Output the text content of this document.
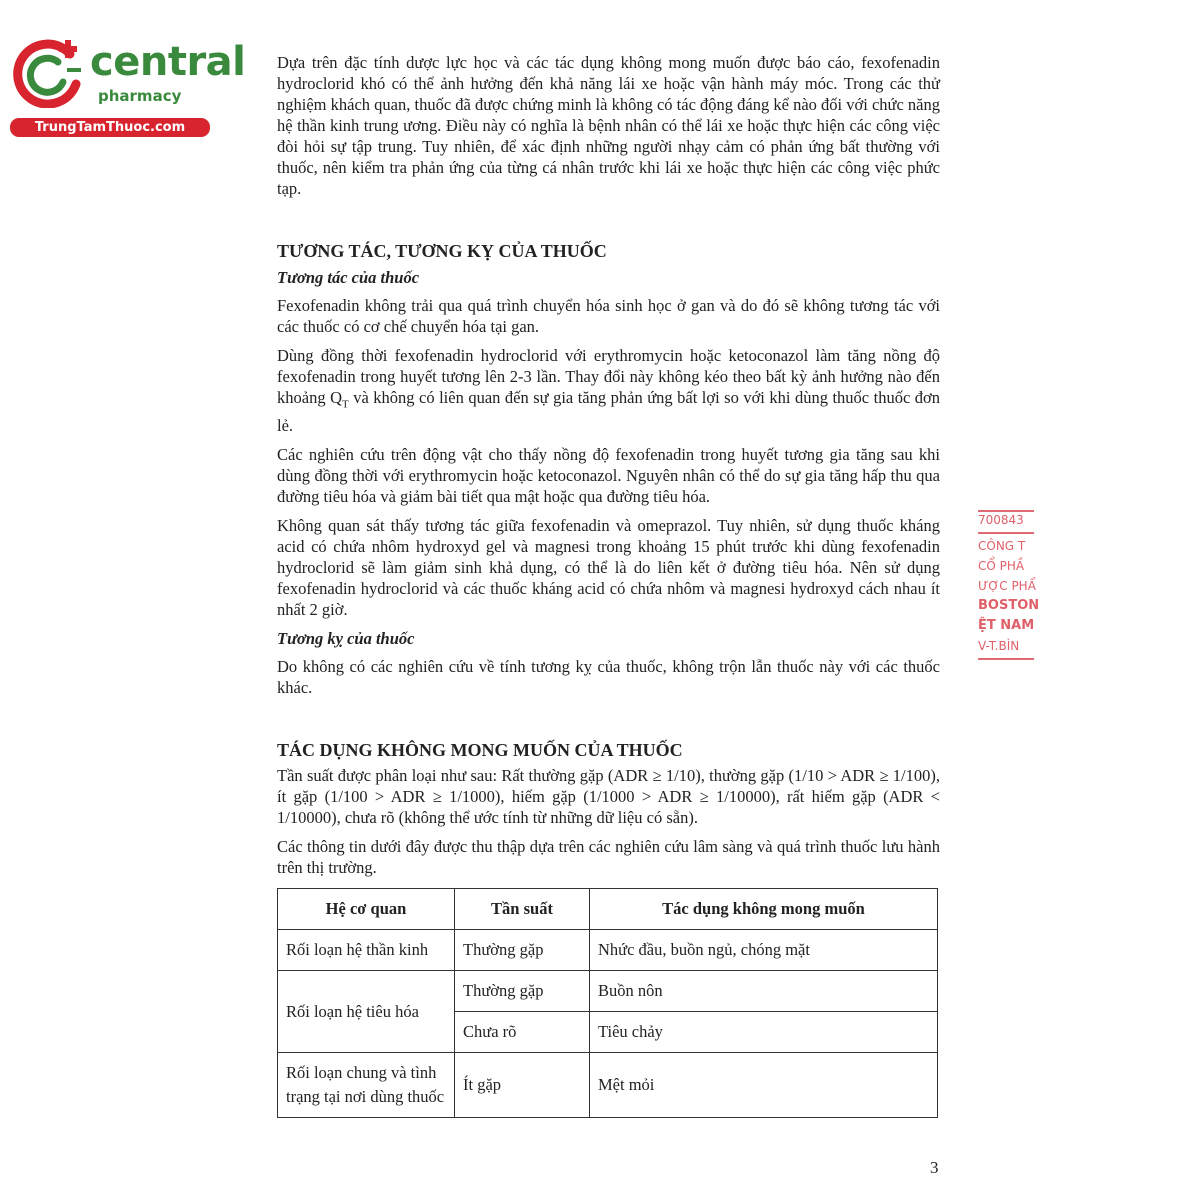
central
pharmacy
TrungTamThuoc.com

Dựa trên đặc tính dược lực học và các tác dụng không mong muốn được báo cáo, fexofenadin hydroclorid khó có thể ảnh hưởng đến khả năng lái xe hoặc vận hành máy móc. Trong các thử nghiệm khách quan, thuốc đã được chứng minh là không có tác động đáng kể nào đối với chức năng hệ thần kinh trung ương. Điều này có nghĩa là bệnh nhân có thể lái xe hoặc thực hiện các công việc đòi hỏi sự tập trung. Tuy nhiên, để xác định những người nhạy cảm có phản ứng bất thường với thuốc, nên kiểm tra phản ứng của từng cá nhân trước khi lái xe hoặc thực hiện các công việc phức tạp.

TƯƠNG TÁC, TƯƠNG KỴ CỦA THUỐC
Tương tác của thuốc

Fexofenadin không trải qua quá trình chuyển hóa sinh học ở gan và do đó sẽ không tương tác với các thuốc có cơ chế chuyển hóa tại gan.

Dùng đồng thời fexofenadin hydroclorid với erythromycin hoặc ketoconazol làm tăng nồng độ fexofenadin trong huyết tương lên 2-3 lần. Thay đổi này không kéo theo bất kỳ ảnh hưởng nào đến khoảng $Q_T$ và không có liên quan đến sự gia tăng phản ứng bất lợi so với khi dùng thuốc thuốc đơn lẻ.

Các nghiên cứu trên động vật cho thấy nồng độ fexofenadin trong huyết tương gia tăng sau khi dùng đồng thời với erythromycin hoặc ketoconazol. Nguyên nhân có thể do sự gia tăng hấp thu qua đường tiêu hóa và giảm bài tiết qua mật hoặc qua đường tiêu hóa.

Không quan sát thấy tương tác giữa fexofenadin và omeprazol. Tuy nhiên, sử dụng thuốc kháng acid có chứa nhôm hydroxyd gel và magnesi trong khoảng 15 phút trước khi dùng fexofenadin hydroclorid sẽ làm giảm sinh khả dụng, có thể là do liên kết ở đường tiêu hóa. Nên sử dụng fexofenadin hydroclorid và các thuốc kháng acid có chứa nhôm và magnesi hydroxyd cách nhau ít nhất 2 giờ.

Tương kỵ của thuốc

Do không có các nghiên cứu về tính tương kỵ của thuốc, không trộn lẫn thuốc này với các thuốc khác.

TÁC DỤNG KHÔNG MONG MUỐN CỦA THUỐC

Tần suất được phân loại như sau: Rất thường gặp (ADR ≥ 1/10), thường gặp (1/10 > ADR ≥ 1/100), ít gặp (1/100 > ADR ≥ 1/1000), hiếm gặp (1/1000 > ADR ≥ 1/10000), rất hiếm gặp (ADR < 1/10000), chưa rõ (không thể ước tính từ những dữ liệu có sẵn).

Các thông tin dưới đây được thu thập dựa trên các nghiên cứu lâm sàng và quá trình thuốc lưu hành trên thị trường.

Hệ cơ quan	Tần suất	Tác dụng không mong muốn
Rối loạn hệ thần kinh	Thường gặp	Nhức đầu, buồn ngủ, chóng mặt
Rối loạn hệ tiêu hóa	Thường gặp	Buồn nôn
	Chưa rõ	Tiêu chảy
Rối loạn chung và tình trạng tại nơi dùng thuốc	Ít gặp	Mệt mỏi
700843
CÔNG T
CỔ PHẦ
ƯỢC PHẨ
BOSTON
ỆT NAM
V-T.BÌN
3
